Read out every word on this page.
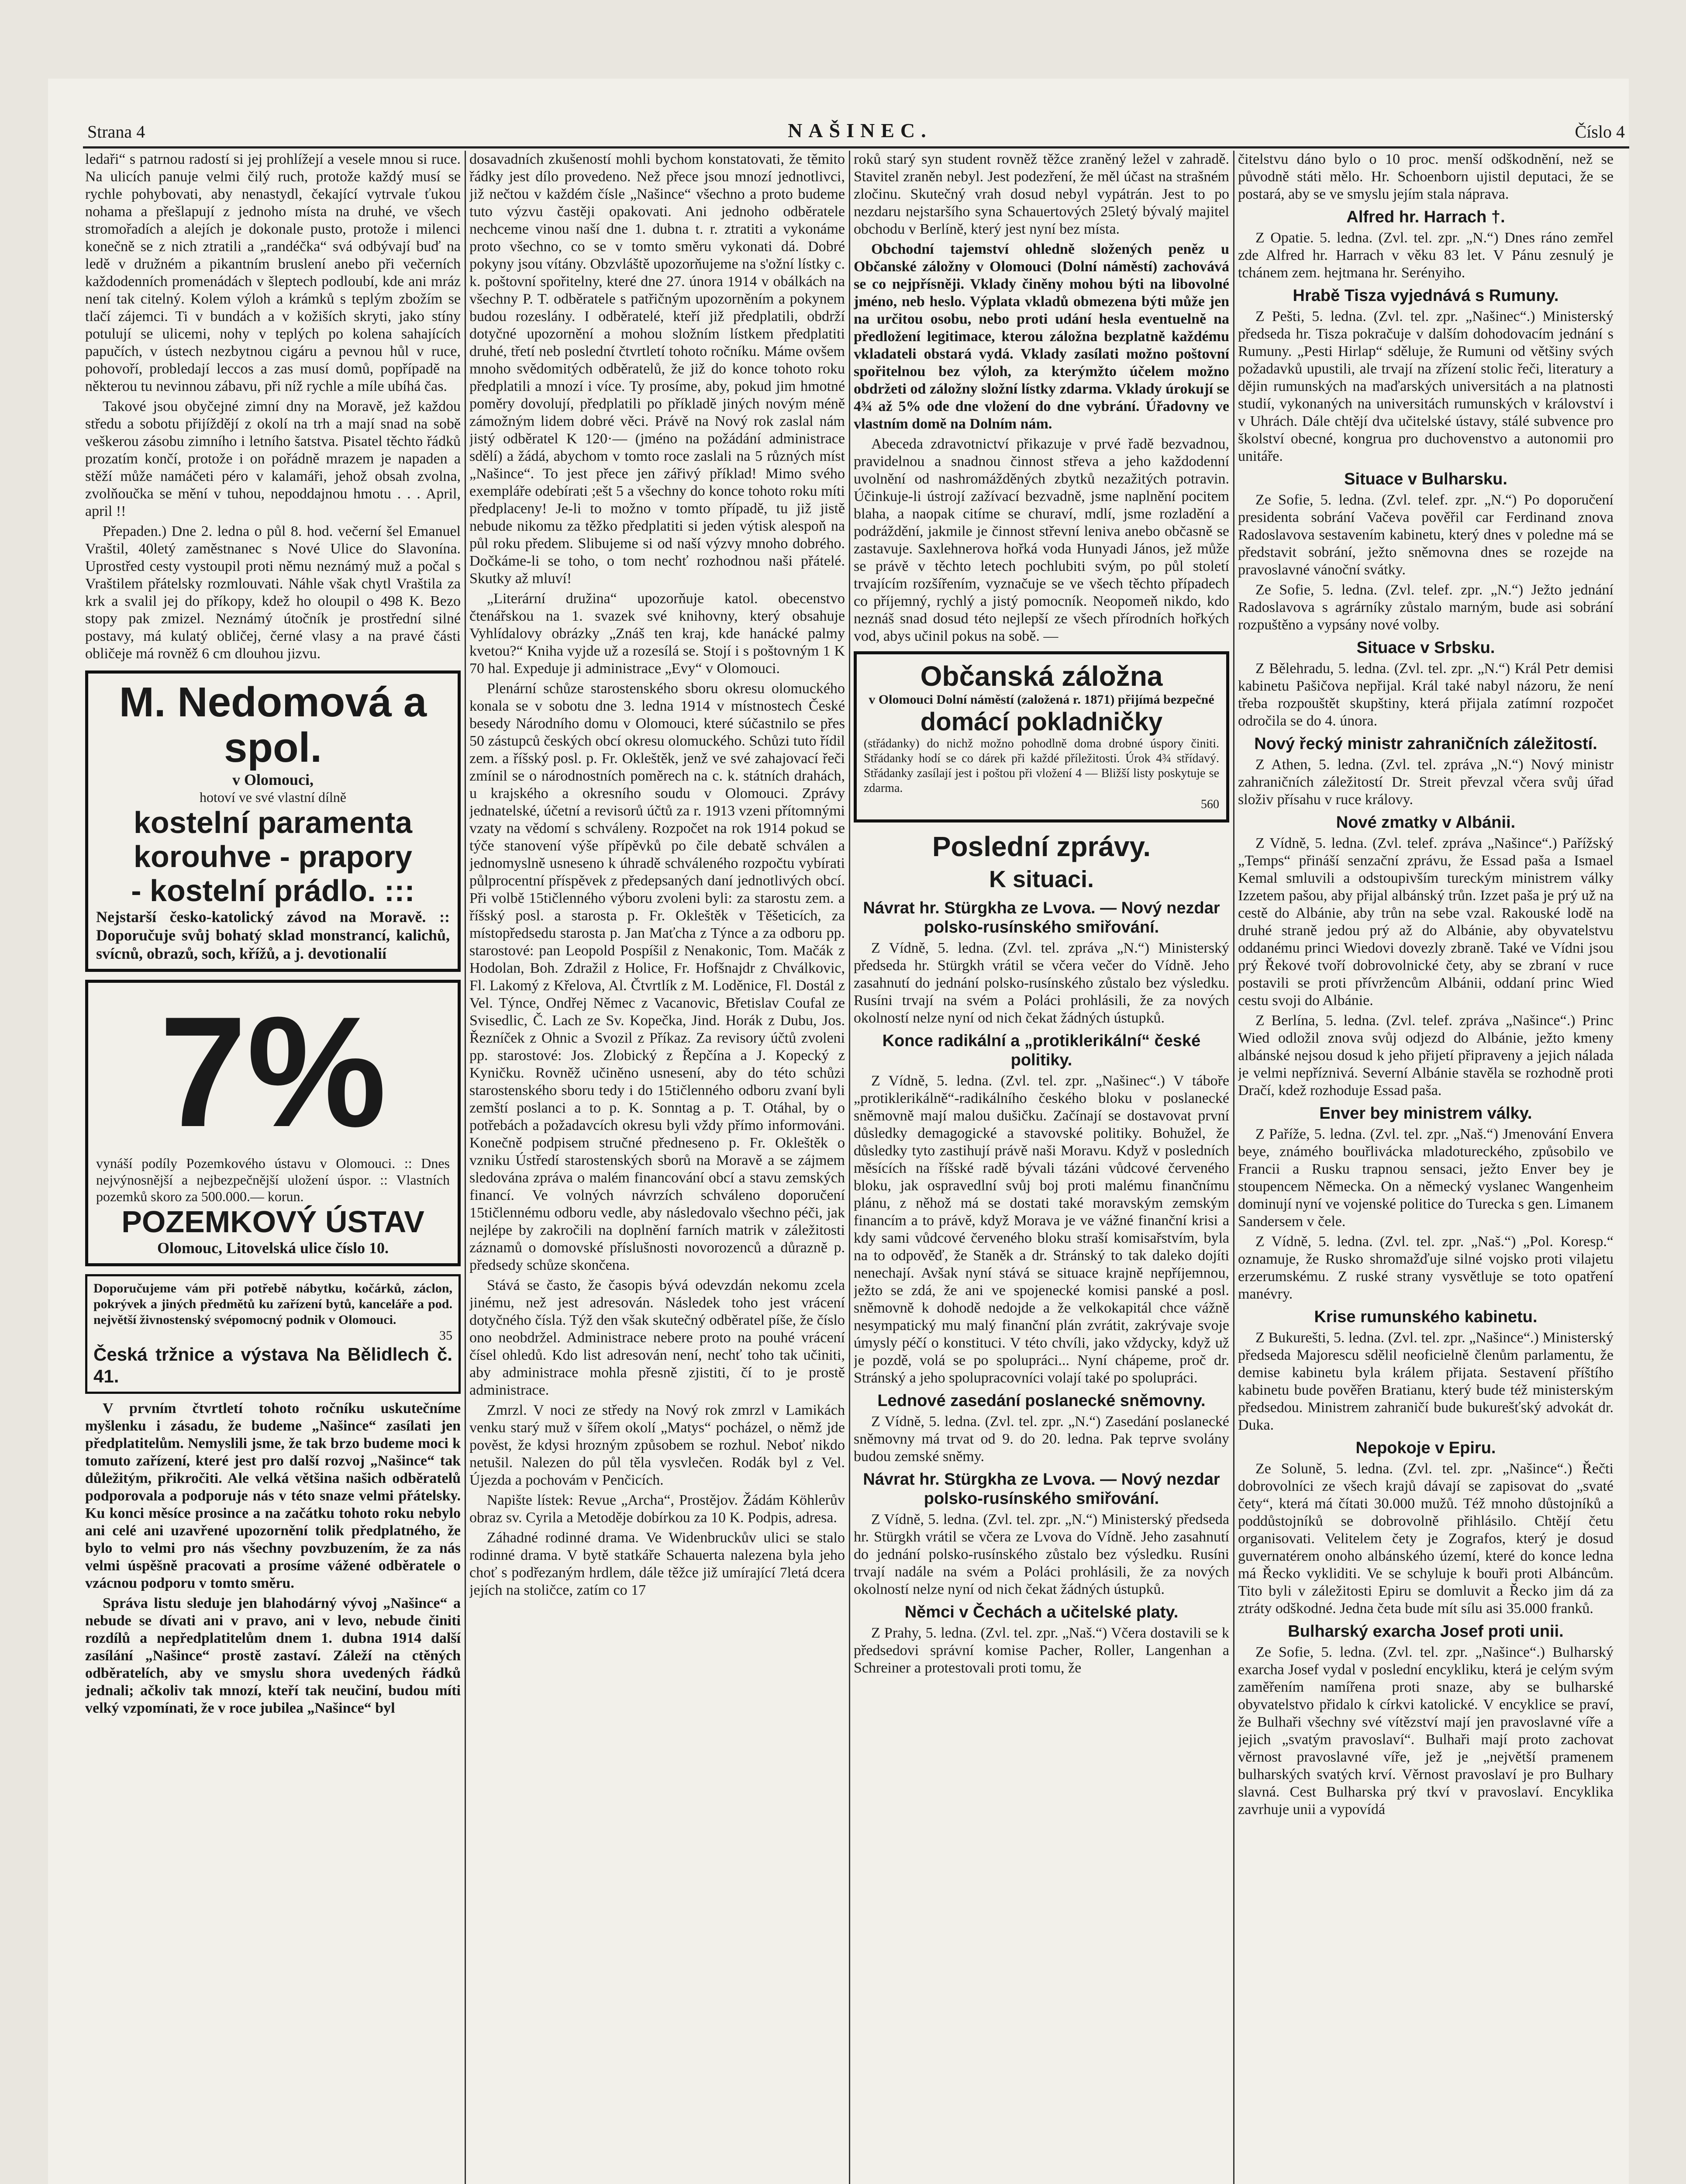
Strana 4	NAŠINEC.	Číslo 4

ledaři“ s patrnou radostí si jej prohlížejí a vesele mnou si ruce. Na ulicích panuje velmi čilý ruch, protože každý musí se rychle pohybovati, aby nenastydl, čekající vytrvale ťukou nohama a přešlapují z jednoho místa na druhé, ve všech stromořadích a alejích je dokonale pusto, protože i milenci konečně se z nich ztratili a „randéčka“ svá odbývají buď na ledě v družném a pikantním bruslení anebo při večerních každodenních promenádách v šleptech podloubí, kde ani mráz není tak citelný. Kolem výloh a krámků s teplým zbožím se tlačí zájemci. Ti v bundách a v kožiších skryti, jako stíny potulují se ulicemi, nohy v teplých po kolena sahajících papučích, v ústech nezbytnou cigáru a pevnou hůl v ruce, pohovoří, probledají leccos a zas musí domů, popřípadě na některou tu nevinnou zábavu, při níž rychle a míle ubíhá čas.

Takové jsou obyčejné zimní dny na Moravě, jež každou středu a sobotu přijíždějí z okolí na trh a mají snad na sobě veškerou zásobu zimního i letního šatstva. Pisatel těchto řádků prozatím končí, protože i on pořádně mrazem je napaden a stěží může namáčeti péro v kalamáři, jehož obsah zvolna, zvolňoučka se mění v tuhou, nepoddajnou hmotu . . . April, april !!

Přepaden.) Dne 2. ledna o půl 8. hod. večerní šel Emanuel Vraštil, 40letý zaměstnanec s Nové Ulice do Slavonína. Uprostřed cesty vystoupil proti němu neznámý muž a počal s Vraštilem přátelsky rozmlouvati. Náhle však chytl Vraštila za krk a svalil jej do příkopy, kdež ho oloupil o 498 K. Bezo stopy pak zmizel. Neznámý útočník je prostřední silné postavy, má kulatý obličej, černé vlasy a na pravé části obličeje má rovněž 6 cm dlouhou jizvu.

M. Nedomová a spol.
v Olomouci,
hotoví ve své vlastní dílně
kostelní paramenta
korouhve - prapory
- kostelní prádlo. :::
Nejstarší česko-katolický závod na Moravě. :: Doporučuje svůj bohatý sklad monstrancí, kalichů, svícnů, obrazů, soch, křížů, a j. devotionalií
7%
vynáší podíly Pozemkového ústavu v Olomouci. :: Dnes nejvýnosnější a nejbezpečnější uložení úspor. :: Vlastních pozemků skoro za 500.000.— korun.
POZEMKOVÝ ÚSTAV
Olomouc, Litovelská ulice číslo 10.
Doporučujeme vám při potřebě nábytku, kočárků, záclon, pokrývek a jiných předmětů ku zařízení bytů, kanceláře a pod. největší živnostenský svépomocný podnik v Olomouci.
35
Česká tržnice a výstava Na Bělidlech č. 41.

V prvním čtvrtletí tohoto ročníku uskutečníme myšlenku i zásadu, že budeme „Našince“ zasílati jen předplatitelům. Nemyslili jsme, že tak brzo budeme moci k tomuto zařízení, které jest pro další rozvoj „Našince“ tak důležitým, přikročiti. Ale velká většina našich odběratelů podporovala a podporuje nás v této snaze velmi přátelsky. Ku konci měsíce prosince a na začátku tohoto roku nebylo ani celé ani uzavřené upozornění tolik předplatného, že bylo to velmi pro nás všechny povzbuzením, že za nás velmi úspěšně pracovati a prosíme vážené odběratele o vzácnou podporu v tomto směru.

Správa listu sleduje jen blahodárný vývoj „Našince“ a nebude se dívati ani v pravo, ani v levo, nebude činiti rozdílů a nepředplatitelům dnem 1. dubna 1914 další zasílání „Našince“ prostě zastaví. Záleží na ctěných odběratelích, aby ve smyslu shora uvedených řádků jednali; ačkoliv tak mnozí, kteří tak neučiní, budou míti velký vzpomínati, že v roce jubilea „Našince“ byl

dosavadních zkušeností mohli bychom konstatovati, že těmito řádky jest dílo provedeno. Než přece jsou mnozí jednotlivci, již nečtou v každém čísle „Našince“ všechno a proto budeme tuto výzvu častěji opakovati. Ani jednoho odběratele nechceme vinou naší dne 1. dubna t. r. ztratiti a vykonáme proto všechno, co se v tomto směru vykonati dá. Dobré pokyny jsou vítány. Obzvláště upozorňujeme na s'ožní lístky c. k. poštovní spořitelny, které dne 27. února 1914 v obálkách na všechny P. T. odběratele s patřičným upozorněním a pokynem budou rozeslány. I odběratelé, kteří již předplatili, obdrží dotyčné upozornění a mohou složním lístkem předplatiti druhé, třetí neb poslední čtvrtletí tohoto ročníku. Máme ovšem mnoho svědomitých odběratelů, že již do konce tohoto roku předplatili a mnozí i více. Ty prosíme, aby, pokud jim hmotné poměry dovolují, předplatili po příkladě jiných novým méně zámožným lidem dobré věci. Právě na Nový rok zaslal nám jistý odběratel K 120·— (jméno na požádání administrace sdělí) a žádá, abychom v tomto roce zaslali na 5 různých míst „Našince“. To jest přece jen zářivý příklad! Mimo svého exempláře odebírati ;ešt 5 a všechny do konce tohoto roku míti předplaceny! Je-li to možno v tomto případě, tu již jistě nebude nikomu za těžko předplatiti si jeden výtisk alespoň na půl roku předem. Slibujeme si od naší výzvy mnoho dobrého. Dočkáme-li se toho, o tom nechť rozhodnou naši přátelé. Skutky až mluví!

„Literární družina“ upozorňuje katol. obecenstvo čtenářskou na 1. svazek své knihovny, který obsahuje Vyhlídalovy obrázky „Znáš ten kraj, kde hanácké palmy kvetou?“ Kniha vyjde už a rozesílá se. Stojí i s poštovným 1 K 70 hal. Expeduje ji administrace „Evy“ v Olomouci.

Plenární schůze starostenského sboru okresu olomuckého konala se v sobotu dne 3. ledna 1914 v místnostech České besedy Národního domu v Olomouci, které súčastnilo se přes 50 zástupců českých obcí okresu olomuckého. Schůzi tuto řídil zem. a říšský posl. p. Fr. Okleštěk, jenž ve své zahajovací řeči zmínil se o národnostních poměrech na c. k. státních drahách, u krajského a okresního soudu v Olomouci. Zprávy jednatelské, účetní a revisorů účtů za r. 1913 vzeni přítomnými vzaty na vědomí s schváleny. Rozpočet na rok 1914 pokud se týče stanovení výše přípěvků po čile debatě schválen a jednomyslně usneseno k úhradě schváleného rozpočtu vybírati půlprocentní příspěvek z předepsaných daní jednotlivých obcí. Při volbě 15tičlenného výboru zvoleni byli: za starostu zem. a říšský posl. a starosta p. Fr. Okleštěk v Těšeticích, za místopředsedu starosta p. Jan Maťcha z Týnce a za odboru pp. starostové: pan Leopold Pospíšil z Nenakonic, Tom. Mačák z Hodolan, Boh. Zdražil z Holice, Fr. Hofšnajdr z Chválkovic, Fl. Lakomý z Křelova, Al. Čtvrtlík z M. Loděnice, Fl. Dostál z Vel. Týnce, Ondřej Němec z Vacanovic, Břetislav Coufal ze Svisedlic, Č. Lach ze Sv. Kopečka, Jind. Horák z Dubu, Jos. Řezníček z Ohnic a Svozil z Příkaz. Za revisory účtů zvoleni pp. starostové: Jos. Zlobický z Řepčína a J. Kopecký z Kyničku. Rovněž učiněno usnesení, aby do této schůzi starostenského sboru tedy i do 15tičlenného odboru zvaní byli zemští poslanci a to p. K. Sonntag a p. T. Otáhal, by o potřebách a požadavcích okresu byli vždy přímo informováni. Konečně podpisem stručné předneseno p. Fr. Okleštěk o vzniku Ústředí starostenských sborů na Moravě a se zájmem sledována zpráva o malém financování obcí a stavu zemských financí. Ve volných návrzích schváleno doporučení 15tičlennému odboru vedle, aby následovalo všechno péči, jak nejlépe by zakročili na doplnění farních matrik v záležitosti záznamů o domovské příslušnosti novorozenců a důrazně p. předsedy schůze skončena.

Stává se často, že časopis bývá odevzdán nekomu zcela jinému, než jest adresován. Následek toho jest vrácení dotyčného čísla. Týž den však skutečný odběratel píše, že číslo ono neobdržel. Administrace nebere proto na pouhé vrácení čísel ohledů. Kdo list adresován není, nechť toho tak učiniti, aby administrace mohla přesně zjistiti, čí to je prostě administrace.

Zmrzl. V noci ze středy na Nový rok zmrzl v Lamikách venku starý muž v šířem okolí „Matys“ pocházel, o němž jde pověst, že kdysi hrozným způsobem se rozhul. Neboť nikdo netušil. Nalezen do půl těla vysvlečen. Rodák byl z Vel. Újezda a pochovám v Penčicích.

Napište lístek: Revue „Archa“, Prostějov. Žádám Köhlerův obraz sv. Cyrila a Metoděje dobírkou za 10 K. Podpis, adresa.

Záhadné rodinné drama. Ve Widenbruckův ulici se stalo rodinné drama. V bytě statkáře Schauerta nalezena byla jeho choť s podřezaným hrdlem, dále těžce již umírající 7letá dcera jejích na stoličce, zatím co 17

roků starý syn student rovněž těžce zraněný ležel v zahradě. Stavitel zraněn nebyl. Jest podezření, že měl účast na strašném zločinu. Skutečný vrah dosud nebyl vypátrán. Jest to po nezdaru nejstaršího syna Schauertových 25letý bývalý majitel obchodu v Berlíně, který jest nyní bez místa.

Obchodní tajemství ohledně složených peněz u Občanské záložny v Olomouci (Dolní náměstí) zachovává se co nejpřísněji. Vklady činěny mohou býti na libovolné jméno, neb heslo. Výplata vkladů obmezena býti může jen na určitou osobu, nebo proti udání hesla eventuelně na předložení legitimace, kterou záložna bezplatně každému vkladateli obstará vydá. Vklady zasílati možno poštovní spořitelnou bez výloh, za kterýmžto účelem možno obdržeti od záložny složní lístky zdarma. Vklady úrokují se 4¾ až 5% ode dne vložení do dne vybrání. Úřadovny ve vlastním domě na Dolním nám.

Abeceda zdravotnictví přikazuje v prvé řadě bezvadnou, pravidelnou a snadnou činnost střeva a jeho každodenní uvolnění od nashromážděných zbytků nezažitých potravin. Účinkuje-li ústrojí zažívací bezvadně, jsme naplnění pocitem blaha, a naopak citíme se churaví, mdlí, jsme rozladění a podráždění, jakmile je činnost střevní leniva anebo občasně se zastavuje. Saxlehnerova hořká voda Hunyadi János, jež může se právě v těchto letech pochlubiti svým, po půl století trvajícím rozšířením, vyznačuje se ve všech těchto případech co příjemný, rychlý a jistý pomocník. Neopomeň nikdo, kdo neznáš snad dosud této nejlepší ze všech přírodních hořkých vod, abys učinil pokus na sobě. —

Občanská záložna
v Olomouci Dolní náměstí (založená r. 1871) přijímá bezpečné
domácí pokladničky
(střádanky) do nichž možno pohodlně doma drobné úspory činiti. Střádanky hodí se co dárek při každé příležitosti. Úrok 4¾ střídavý. Střádanky zasílají jest i poštou při vložení 4 — Bližší listy poskytuje se zdarma.
560
Poslední zprávy.
K situaci.
Návrat hr. Stürgkha ze Lvova. — Nový nezdar polsko-rusínského smiřování.

Z Vídně, 5. ledna. (Zvl. tel. zpráva „N.“) Ministerský předseda hr. Stürgkh vrátil se včera večer do Vídně. Jeho zasahnutí do jednání polsko-rusínského zůstalo bez výsledku. Rusíni trvají na svém a Poláci prohlásili, že za nových okolností nelze nyní od nich čekat žádných ústupků.

Konce radikální a „protiklerikální“ české politiky.

Z Vídně, 5. ledna. (Zvl. tel. zpr. „Našinec“.) V táboře „protiklerikálně“-radikálního českého bloku v poslanecké sněmovně mají malou dušičku. Začínají se dostavovat první důsledky demagogické a stavovské politiky. Bohužel, že důsledky tyto zastihují právě naši Moravu. Když v posledních měsících na říšské radě bývali tázáni vůdcové červeného bloku, jak ospravedlní svůj boj proti malému finančnímu plánu, z něhož má se dostati také moravským zemským financím a to právě, když Morava je ve vážné finanční krisi a kdy sami vůdcové červeného bloku straší komisařstvím, byla na to odpověď, že Staněk a dr. Stránský to tak daleko dojíti nenechají. Avšak nyní stává se situace krajně nepříjemnou, ježto se zdá, že ani ve spojenecké komisi panské a posl. sněmovně k dohodě nedojde a že velkokapitál chce vážně nesympatický mu malý finanční plán zvrátit, zakrývaje svoje úmysly péčí o konstituci. V této chvíli, jako vždycky, když už je pozdě, volá se po spolupráci... Nyní chápeme, proč dr. Stránský a jeho spolupracovníci volají také po spolupráci.

Lednové zasedání poslanecké sněmovny.

Z Vídně, 5. ledna. (Zvl. tel. zpr. „N.“) Zasedání poslanecké sněmovny má trvat od 9. do 20. ledna. Pak teprve svolány budou zemské sněmy.

Návrat hr. Stürgkha ze Lvova. — Nový nezdar polsko-rusínského smiřování.

Z Vídně, 5. ledna. (Zvl. tel. zpr. „N.“) Ministerský předseda hr. Stürgkh vrátil se včera ze Lvova do Vídně. Jeho zasahnutí do jednání polsko-rusínského zůstalo bez výsledku. Rusíni trvají nadále na svém a Poláci prohlásili, že za nových okolností nelze nyní od nich čekat žádných ústupků.

Němci v Čechách a učitelské platy.

Z Prahy, 5. ledna. (Zvl. tel. zpr. „Naš.“) Včera dostavili se k předsedovi správní komise Pacher, Roller, Langenhan a Schreiner a protestovali proti tomu, že

čitelstvu dáno bylo o 10 proc. menší odškodnění, než se původně státi mělo. Hr. Schoenborn ujistil deputaci, že se postará, aby se ve smyslu jejím stala náprava.

Alfred hr. Harrach †.

Z Opatie. 5. ledna. (Zvl. tel. zpr. „N.“) Dnes ráno zemřel zde Alfred hr. Harrach v věku 83 let. V Pánu zesnulý je tchánem zem. hejtmana hr. Serényiho.

Hrabě Tisza vyjednává s Rumuny.

Z Pešti, 5. ledna. (Zvl. tel. zpr. „Našinec“.) Ministerský předseda hr. Tisza pokračuje v dalším dohodovacím jednání s Rumuny. „Pesti Hirlap“ sděluje, že Rumuni od většiny svých požadavků upustili, ale trvají na zřízení stolic řeči, literatury a dějin rumunských na maďarských universitách a na platnosti studií, vykonaných na universitách rumunských v království i v Uhrách. Dále chtějí dva učitelské ústavy, stálé subvence pro školství obecné, kongrua pro duchovenstvo a autonomii pro unitáře.

Situace v Bulharsku.

Ze Sofie, 5. ledna. (Zvl. telef. zpr. „N.“) Po doporučení presidenta sobrání Vačeva pověřil car Ferdinand znova Radoslavova sestavením kabinetu, který dnes v poledne má se představit sobrání, ježto sněmovna dnes se rozejde na pravoslavné vánoční svátky.

Ze Sofie, 5. ledna. (Zvl. telef. zpr. „N.“) Ježto jednání Radoslavova s agrárníky zůstalo marným, bude asi sobrání rozpuštěno a vypsány nové volby.

Situace v Srbsku.

Z Bělehradu, 5. ledna. (Zvl. tel. zpr. „N.“) Král Petr demisi kabinetu Pašičova nepřijal. Král také nabyl názoru, že není třeba rozpouštět skupštiny, která přijala zatímní rozpočet odročila se do 4. února.

Nový řecký ministr zahraničních záležitostí.

Z Athen, 5. ledna. (Zvl. tel. zpráva „N.“) Nový ministr zahraničních záležitostí Dr. Streit převzal včera svůj úřad složiv přísahu v ruce královy.

Nové zmatky v Albánii.

Z Vídně, 5. ledna. (Zvl. telef. zpráva „Našince“.) Pařížský „Temps“ přináší senzační zprávu, že Essad paša a Ismael Kemal smluvili a odstoupivším tureckým ministrem války Izzetem pašou, aby přijal albánský trůn. Izzet paša je prý už na cestě do Albánie, aby trůn na sebe vzal. Rakouské lodě na druhé straně jedou prý až do Albánie, aby obyvatelstvu oddanému princi Wiedovi dovezly zbraně. Také ve Vídni jsou prý Řekové tvoří dobrovolnické čety, aby se zbraní v ruce postavili se proti přívržencům Albánii, oddaní princ Wied cestu svoji do Albánie.

Z Berlína, 5. ledna. (Zvl. telef. zpráva „Našince“.) Princ Wied odložil znova svůj odjezd do Albánie, ježto kmeny albánské nejsou dosud k jeho přijetí připraveny a jejich nálada je velmi nepříznivá. Severní Albánie stavěla se rozhodně proti Dračí, kdež rozhoduje Essad paša.

Enver bey ministrem války.

Z Paříže, 5. ledna. (Zvl. tel. zpr. „Naš.“) Jmenování Envera beye, známého bouřlivácka mladotureckého, způsobilo ve Francii a Rusku trapnou sensaci, ježto Enver bey je stoupencem Německa. On a německý vyslanec Wangenheim dominují nyní ve vojenské politice do Turecka s gen. Limanem Sandersem v čele.

Z Vídně, 5. ledna. (Zvl. tel. zpr. „Naš.“) „Pol. Koresp.“ oznamuje, že Rusko shromažďuje silné vojsko proti vilajetu erzerumskému. Z ruské strany vysvětluje se toto opatření manévry.

Krise rumunského kabinetu.

Z Bukurešti, 5. ledna. (Zvl. tel. zpr. „Našince“.) Ministerský předseda Majorescu sdělil neoficielně členům parlamentu, že demise kabinetu byla králem přijata. Sestavení příštího kabinetu bude pověřen Bratianu, který bude též ministerským předsedou. Ministrem zahraničí bude bukurešťský advokát dr. Duka.

Nepokoje v Epiru.

Ze Soluně, 5. ledna. (Zvl. tel. zpr. „Našince“.) Řečti dobrovolníci ze všech krajů dávají se zapisovat do „svaté čety“, která má čítati 30.000 mužů. Též mnoho důstojníků a poddůstojníků se dobrovolně přihlásilo. Chtějí četu organisovati. Velitelem čety je Zografos, který je dosud guvernatérem onoho albánského území, které do konce ledna má Řecko vykliditi. Ve se schyluje k bouři proti Albáncům. Tito byli v záležitosti Epiru se domluvit a Řecko jim dá za ztráty odškodné. Jedna četa bude mít sílu asi 35.000 franků.

Bulharský exarcha Josef proti unii.

Ze Sofie, 5. ledna. (Zvl. tel. zpr. „Našince“.) Bulharský exarcha Josef vydal v poslední encykliku, která je celým svým zaměřením namířena proti snaze, aby se bulharské obyvatelstvo přidalo k církvi katolické. V encyklice se praví, že Bulhaři všechny své vítězství mají jen pravoslavné víře a jejich „svatým pravoslaví“. Bulhaři mají proto zachovat věrnost pravoslavné víře, jež je „největší pramenem bulharských svatých krví. Věrnost pravoslaví je pro Bulhary slavná. Cest Bulharska prý tkví v pravoslaví. Encyklika zavrhuje unii a vypovídá
